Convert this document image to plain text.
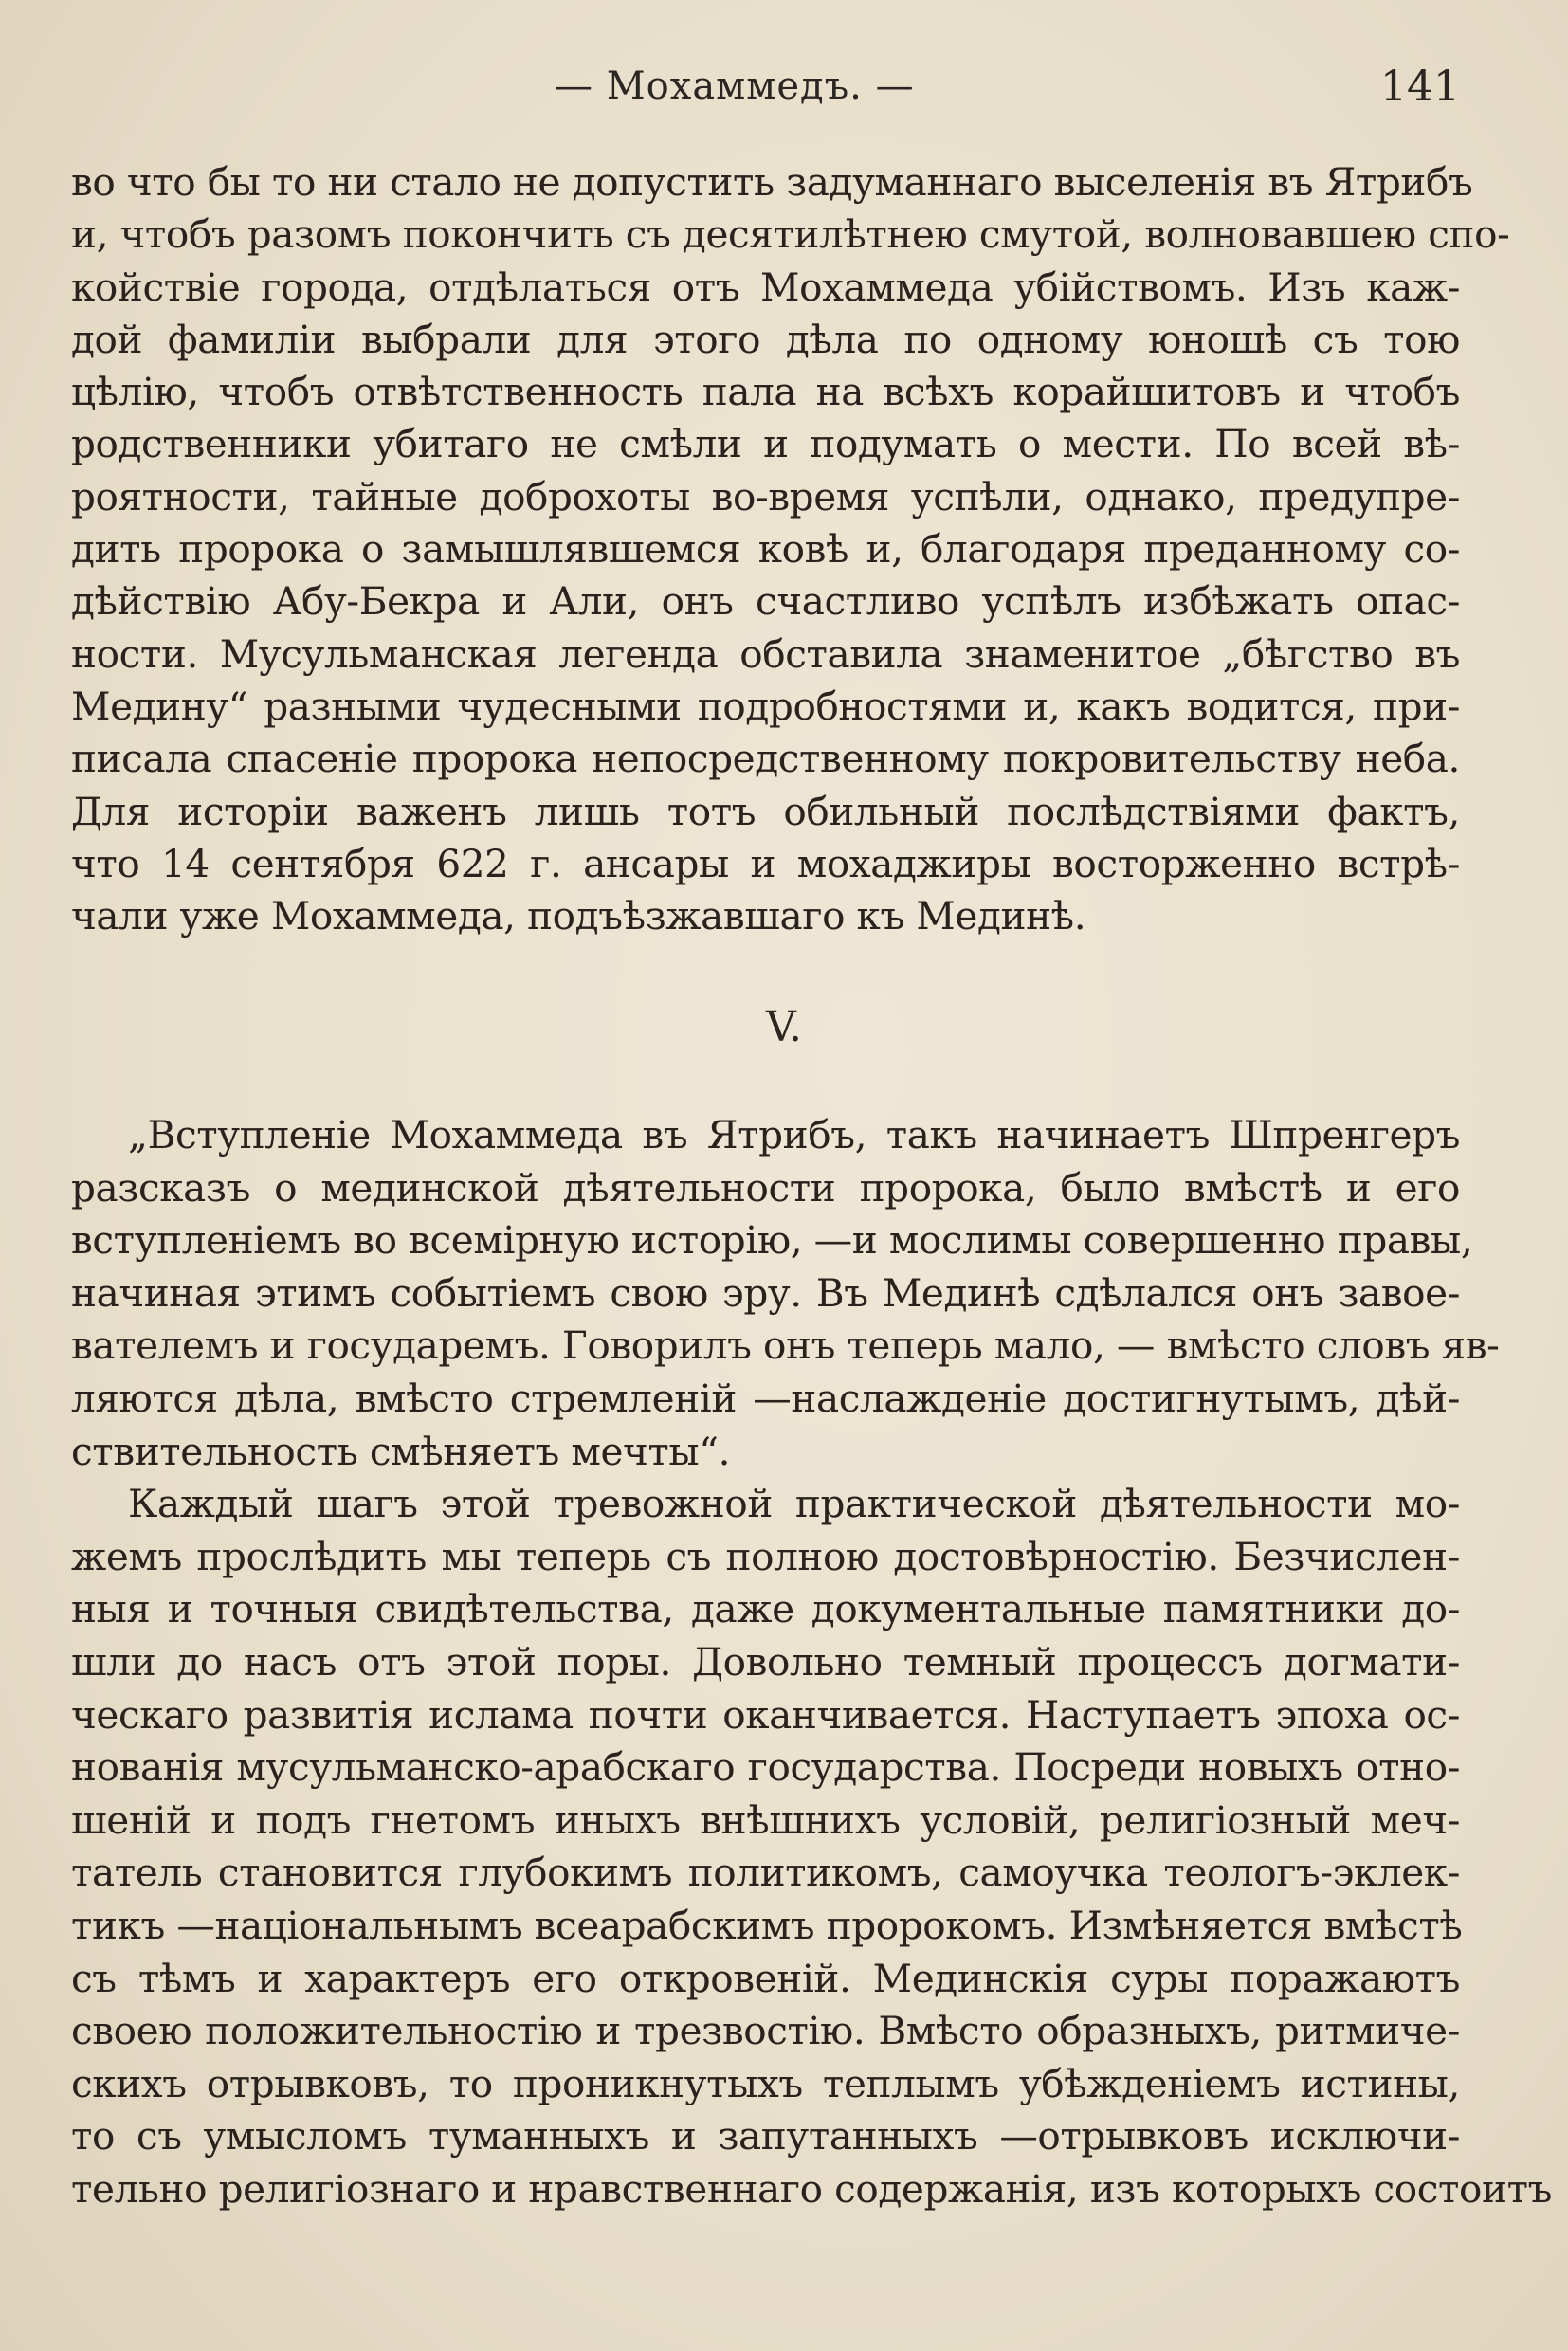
— Мохаммедъ. —	141
во что бы то ни стало не допустить задуманнаго выселенія въ Ятрибъ
и, чтобъ разомъ покончить съ десятилѣтнею смутой, волновавшею спо-
койствіе города, отдѣлаться отъ Мохаммеда убійствомъ. Изъ каж-
дой фамиліи выбрали для этого дѣла по одному юношѣ съ тою
цѣлію, чтобъ отвѣтственность пала на всѣхъ корайшитовъ и чтобъ
родственники убитаго не смѣли и подумать о мести. По всей вѣ-
роятности, тайные доброхоты во-время успѣли, однако, предупре-
дить пророка о замышлявшемся ковѣ и, благодаря преданному со-
дѣйствію Абу-Бекра и Али, онъ счастливо успѣлъ избѣжать опас-
ности. Мусульманская легенда обставила знаменитое „бѣгство въ
Медину“ разными чудесными подробностями и, какъ водится, при-
писала спасеніе пророка непосредственному покровительству неба.
Для исторіи важенъ лишь тотъ обильный послѣдствіями фактъ,
что 14 сентября 622 г. ансары и мохаджиры восторженно встрѣ-
чали уже Мохаммеда, подъѣзжавшаго къ Мединѣ.
V.
„Вступленіе Мохаммеда въ Ятрибъ, такъ начинаетъ Шпренгеръ
разсказъ о мединской дѣятельности пророка, было вмѣстѣ и его
вступленіемъ во всемірную исторію, —и мослимы совершенно правы,
начиная этимъ событіемъ свою эру. Въ Мединѣ сдѣлался онъ завое-
вателемъ и государемъ. Говорилъ онъ теперь мало, — вмѣсто словъ яв-
ляются дѣла, вмѣсто стремленій —наслажденіе достигнутымъ, дѣй-
ствительность смѣняетъ мечты“.
Каждый шагъ этой тревожной практической дѣятельности мо-
жемъ прослѣдить мы теперь съ полною достовѣрностію. Безчислен-
ныя и точныя свидѣтельства, даже документальные памятники до-
шли до насъ отъ этой поры. Довольно темный процессъ догмати-
ческаго развитія ислама почти оканчивается. Наступаетъ эпоха ос-
нованія мусульманско-арабскаго государства. Посреди новыхъ отно-
шеній и подъ гнетомъ иныхъ внѣшнихъ условій, религіозный меч-
татель становится глубокимъ политикомъ, самоучка теологъ-эклек-
тикъ —національнымъ всеарабскимъ пророкомъ. Измѣняется вмѣстѣ
съ тѣмъ и характеръ его откровеній. Мединскія суры поражаютъ
своею положительностію и трезвостію. Вмѣсто образныхъ, ритмиче-
скихъ отрывковъ, то проникнутыхъ теплымъ убѣжденіемъ истины,
то съ умысломъ туманныхъ и запутанныхъ —отрывковъ исключи-
тельно религіознаго и нравственнаго содержанія, изъ которыхъ состоитъ
